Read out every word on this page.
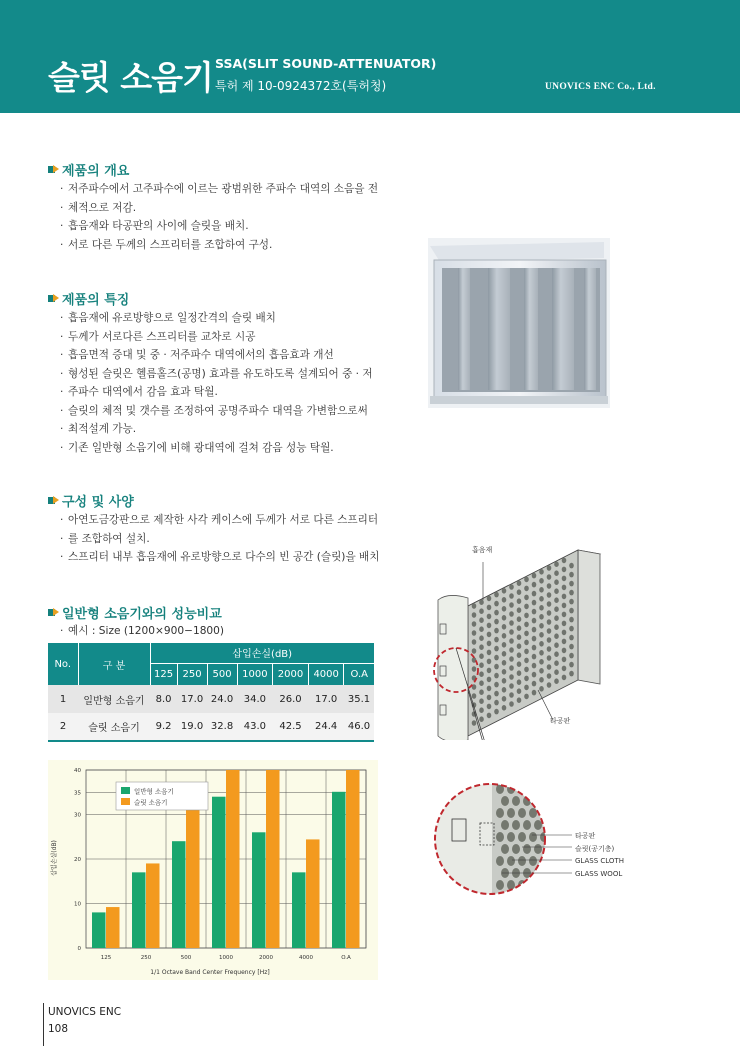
슬릿 소음기 SSA(SLIT SOUND-ATTENUATOR)
특허 제 10-0924372호(특허청)	UNOVICS ENC Co., Ltd.
제품의 개요
· 저주파수에서 고주파수에 이르는 광범위한 주파수 대역의 소음을 전
· 체적으로 저감.
· 흡음재와 타공판의 사이에 슬릿을 배치.
· 서로 다른 두께의 스프리터를 조합하여 구성.
제품의 특징
· 흡음재에 유로방향으로 일정간격의 슬릿 배치
· 두께가 서로다른 스프리터를 교차로 시공
· 흡음면적 증대 및 중 · 저주파수 대역에서의 흡음효과 개선
· 형성된 슬릿은 헬름홀즈(공명) 효과를 유도하도록 설계되어 중 · 저
· 주파수 대역에서 감음 효과 탁월.
· 슬릿의 체적 및 갯수를 조정하여 공명주파수 대역을 가변함으로써
· 최적설계 가능.
· 기존 일반형 소음기에 비해 광대역에 걸쳐 감음 성능 탁월.
구성 및 사양
· 아연도금강판으로 제작한 사각 케이스에 두께가 서로 다른 스프리터
· 를 조합하여 설치.
· 스프리터 내부 흡음재에 유로방향으로 다수의 빈 공간 (슬릿)을 배치
일반형 소음기와의 성능비교
· 예시 : Size (1200×900−1800)
No.	구 분	삽입손실(dB)						
		125	250	500	1000	2000	4000	O.A
1	일반형 소음기	8.0	17.0	24.0	34.0	26.0	17.0	35.1
2	슬릿 소음기	9.2	19.0	32.8	43.0	42.5	24.4	46.0
0
10
20
30
35
40
125	250	500	1000	2000	4000	O.A
일반형 소음기
슬릿 소음기
1/1 Octave Band Center Frequency [Hz]
삽입손실(dB)
흡음재
타공판
타공판
슬릿(공기층)
GLASS CLOTH
GLASS WOOL
UNOVICS ENC
108
